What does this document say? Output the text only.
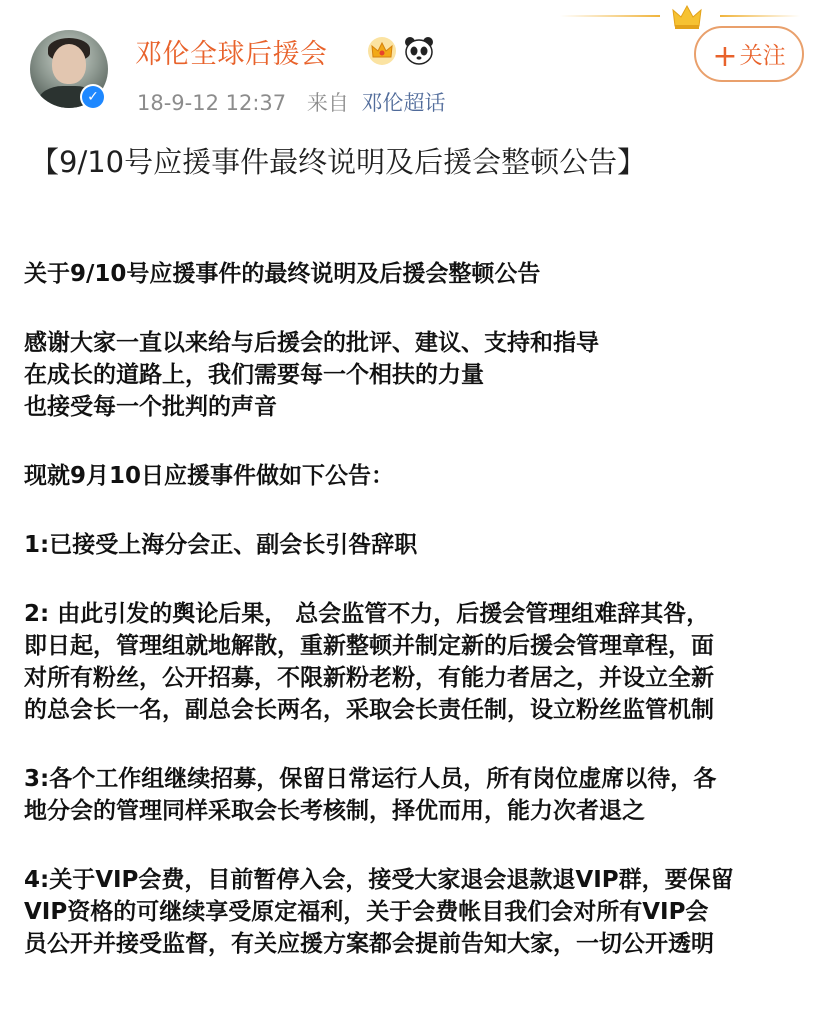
✓
邓伦全球后援会
18-9-12 12:37 来自 邓伦超话
+关注
【9/10号应援事件最终说明及后援会整顿公告】
关于9/10号应援事件的最终说明及后援会整顿公告
感谢大家一直以来给与后援会的批评、建议、支持和指导
在成长的道路上，我们需要每一个相扶的力量
也接受每一个批判的声音
现就9月10日应援事件做如下公告：
1:已接受上海分会正、副会长引咎辞职
2: 由此引发的舆论后果， 总会监管不力，后援会管理组难辞其咎，
即日起，管理组就地解散，重新整顿并制定新的后援会管理章程，面
对所有粉丝，公开招募，不限新粉老粉，有能力者居之，并设立全新
的总会长一名，副总会长两名，采取会长责任制，设立粉丝监管机制
3:各个工作组继续招募，保留日常运行人员，所有岗位虚席以待，各
地分会的管理同样采取会长考核制，择优而用，能力次者退之
4:关于VIP会费，目前暂停入会，接受大家退会退款退VIP群，要保留
VIP资格的可继续享受原定福利，关于会费帐目我们会对所有VIP会
员公开并接受监督，有关应援方案都会提前告知大家，一切公开透明
